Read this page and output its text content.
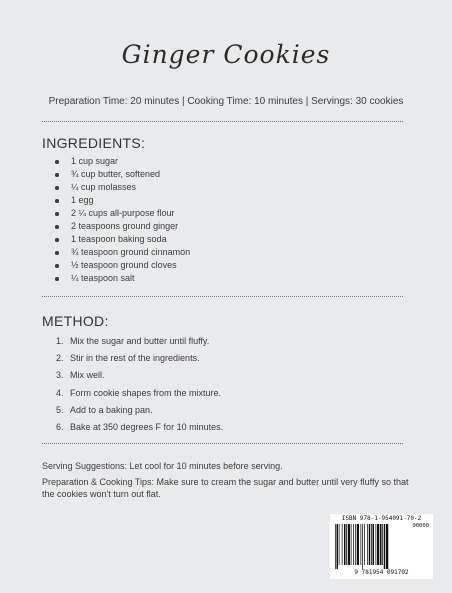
Ginger Cookies
Preparation Time: 20 minutes | Cooking Time: 10 minutes | Servings: 30 cookies
INGREDIENTS:
1 cup sugar
¾ cup butter, softened
¼ cup molasses
1 egg
2 ¼ cups all-purpose flour
2 teaspoons ground ginger
1 teaspoon baking soda
¾ teaspoon ground cinnamon
½ teaspoon ground cloves
¼ teaspoon salt
METHOD:
1. Mix the sugar and butter until fluffy.
2. Stir in the rest of the ingredients.
3. Mix well.
4. Form cookie shapes from the mixture.
5. Add to a baking pan.
6. Bake at 350 degrees F for 10 minutes.
Serving Suggestions: Let cool for 10 minutes before serving.
Preparation & Cooking Tips: Make sure to cream the sugar and butter until very fluffy so that the cookies won't turn out flat.
ISBN 978-1-954091-70-2
90000
9 781954 091702
